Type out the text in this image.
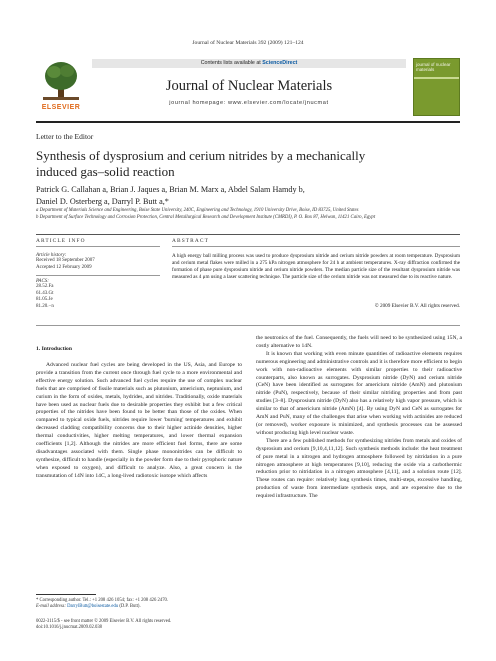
Journal of Nuclear Materials 392 (2009) 121–124
ELSEVIER
Contents lists available at ScienceDirect
Journal of Nuclear Materials
journal homepage: www.elsevier.com/locate/jnucmat
journal of nuclear materials
Letter to the Editor
Synthesis of dysprosium and cerium nitrides by a mechanically
induced gas–solid reaction
Patrick G. Callahan a, Brian J. Jaques a, Brian M. Marx a, Abdel Salam Hamdy b,
Daniel D. Osterberg a, Darryl P. Butt a,*
a Department of Materials Science and Engineering, Boise State University, 240C, Engineering and Technology, 1910 University Drive, Boise, ID 83725, United States
b Department of Surface Technology and Corrosion Protection, Central Metallurgical Research and Development Institute (CMRDI), P. O. Box 87, Helwan, 11421 Cairo, Egypt
ARTICLE INFO
Article history:
Received 18 September 2007
Accepted 12 February 2009
PACS:
28.52.Fa
61.43.Gt
81.05.Je
81.20.−n
ABSTRACT
A high energy ball milling process was used to produce dysprosium nitride and cerium nitride powders at room temperature. Dysprosium and cerium metal flakes were milled in a 275 kPa nitrogen atmosphere for 24 h at ambient temperatures. X-ray diffraction confirmed the formation of phase pure dysprosium nitride and cerium nitride powders. The median particle size of the resultant dysprosium nitride was measured as 4 μm using a laser scattering technique. The particle size of the cerium nitride was not measured due to its reactive nature.
© 2009 Elsevier B.V. All rights reserved.
1. Introduction

Advanced nuclear fuel cycles are being developed in the US, Asia, and Europe to provide a transition from the current once through fuel cycle to a more environmental and effective energy solution. Such advanced fuel cycles require the use of complex nuclear fuels that are comprised of fissile materials such as plutonium, americium, neptunium, and curium in the form of oxides, metals, hydrides, and nitrides. Traditionally, oxide materials have been used as nuclear fuels due to desirable properties they exhibit but a few critical properties of the nitrides have been found to be better than those of the oxides. When compared to typical oxide fuels, nitrides require lower 'burning' temperatures and exhibit decreased cladding compatibility concerns due to their higher actinide densities, higher thermal conductivities, higher melting temperatures, and lower thermal expansion coefficients [1,2]. Although the nitrides are more efficient fuel forms, there are some disadvantages associated with them. Single phase mononitrides can be difficult to synthesize, difficult to handle (especially in the powder form due to their pyrophoric nature when exposed to oxygen), and difficult to analyze. Also, a great concern is the transmutation of 14N into 14C, a long-lived radiotoxic isotope which affects

the neutronics of the fuel. Consequently, the fuels will need to be synthesized using 15N, a costly alternative to 14N.

It is known that working with even minute quantities of radioactive elements requires numerous engineering and administrative controls and it is therefore more efficient to begin work with non-radioactive elements with similar properties to their radioactive counterparts, also known as surrogates. Dysprosium nitride (DyN) and cerium nitride (CeN) have been identified as surrogates for americium nitride (AmN) and plutonium nitride (PuN), respectively, because of their similar nitriding properties and from past studies [3–8]. Dysprosium nitride (DyN) also has a relatively high vapor pressure, which is similar to that of americium nitride (AmN) [4]. By using DyN and CeN as surrogates for AmN and PuN, many of the challenges that arise when working with actinides are reduced (or removed), worker exposure is minimized, and synthesis processes can be assessed without producing high level nuclear waste.

There are a few published methods for synthesizing nitrides from metals and oxides of dysprosium and cerium [9,10,4,11,12]. Such synthesis methods include: the heat treatment of pure metal in a nitrogen and hydrogen atmosphere followed by nitridation in a pure nitrogen atmosphere at high temperatures [9,10], reducing the oxide via a carbothermic reduction prior to nitridation in a nitrogen atmosphere [4,11], and a solution route [12]. These routes can require: relatively long synthesis times, multi-steps, excessive handling, production of waste from intermediate synthesis steps, and are expensive due to the required infrastructure. The

* Corresponding author. Tel.: +1 208 426 1054; fax: +1 208 426 2470.
E-mail address: DarrylButt@boisestate.edu (D.P. Butt).
0022-3115/$ - see front matter © 2009 Elsevier B.V. All rights reserved.
doi:10.1016/j.jnucmat.2009.02.038
